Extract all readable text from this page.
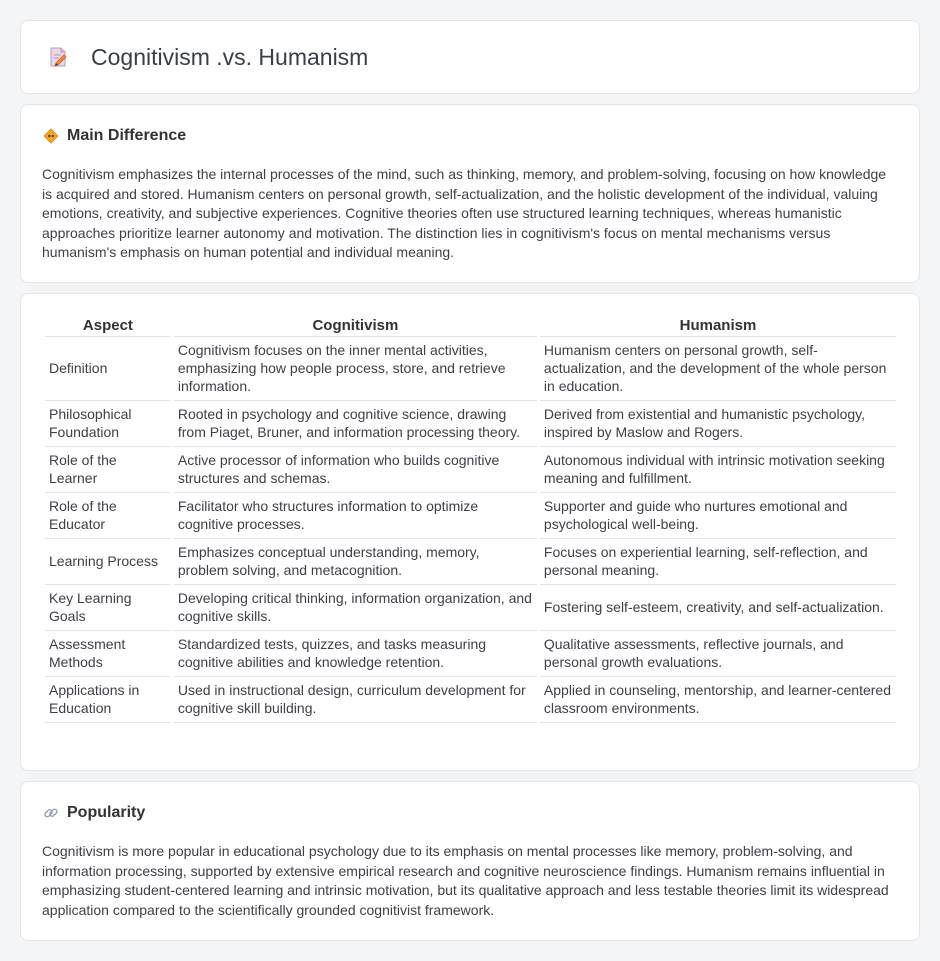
Cognitivism .vs. Humanism
Main Difference

Cognitivism emphasizes the internal processes of the mind, such as thinking, memory, and problem-solving, focusing on how knowledge is acquired and stored. Humanism centers on personal growth, self-actualization, and the holistic development of the individual, valuing emotions, creativity, and subjective experiences. Cognitive theories often use structured learning techniques, whereas humanistic approaches prioritize learner autonomy and motivation. The distinction lies in cognitivism's focus on mental mechanisms versus humanism's emphasis on human potential and individual meaning.

Aspect	Cognitivism	Humanism
Definition	Cognitivism focuses on the inner mental activities, emphasizing how people process, store, and retrieve information.	Humanism centers on personal growth, self-actualization, and the development of the whole person in education.
Philosophical Foundation	Rooted in psychology and cognitive science, drawing from Piaget, Bruner, and information processing theory.	Derived from existential and humanistic psychology, inspired by Maslow and Rogers.
Role of the Learner	Active processor of information who builds cognitive structures and schemas.	Autonomous individual with intrinsic motivation seeking meaning and fulfillment.
Role of the Educator	Facilitator who structures information to optimize cognitive processes.	Supporter and guide who nurtures emotional and psychological well-being.
Learning Process	Emphasizes conceptual understanding, memory, problem solving, and metacognition.	Focuses on experiential learning, self-reflection, and personal meaning.
Key Learning Goals	Developing critical thinking, information organization, and cognitive skills.	Fostering self-esteem, creativity, and self-actualization.
Assessment Methods	Standardized tests, quizzes, and tasks measuring cognitive abilities and knowledge retention.	Qualitative assessments, reflective journals, and personal growth evaluations.
Applications in Education	Used in instructional design, curriculum development for cognitive skill building.	Applied in counseling, mentorship, and learner-centered classroom environments.
Popularity

Cognitivism is more popular in educational psychology due to its emphasis on mental processes like memory, problem-solving, and information processing, supported by extensive empirical research and cognitive neuroscience findings. Humanism remains influential in emphasizing student-centered learning and intrinsic motivation, but its qualitative approach and less testable theories limit its widespread application compared to the scientifically grounded cognitivist framework.
